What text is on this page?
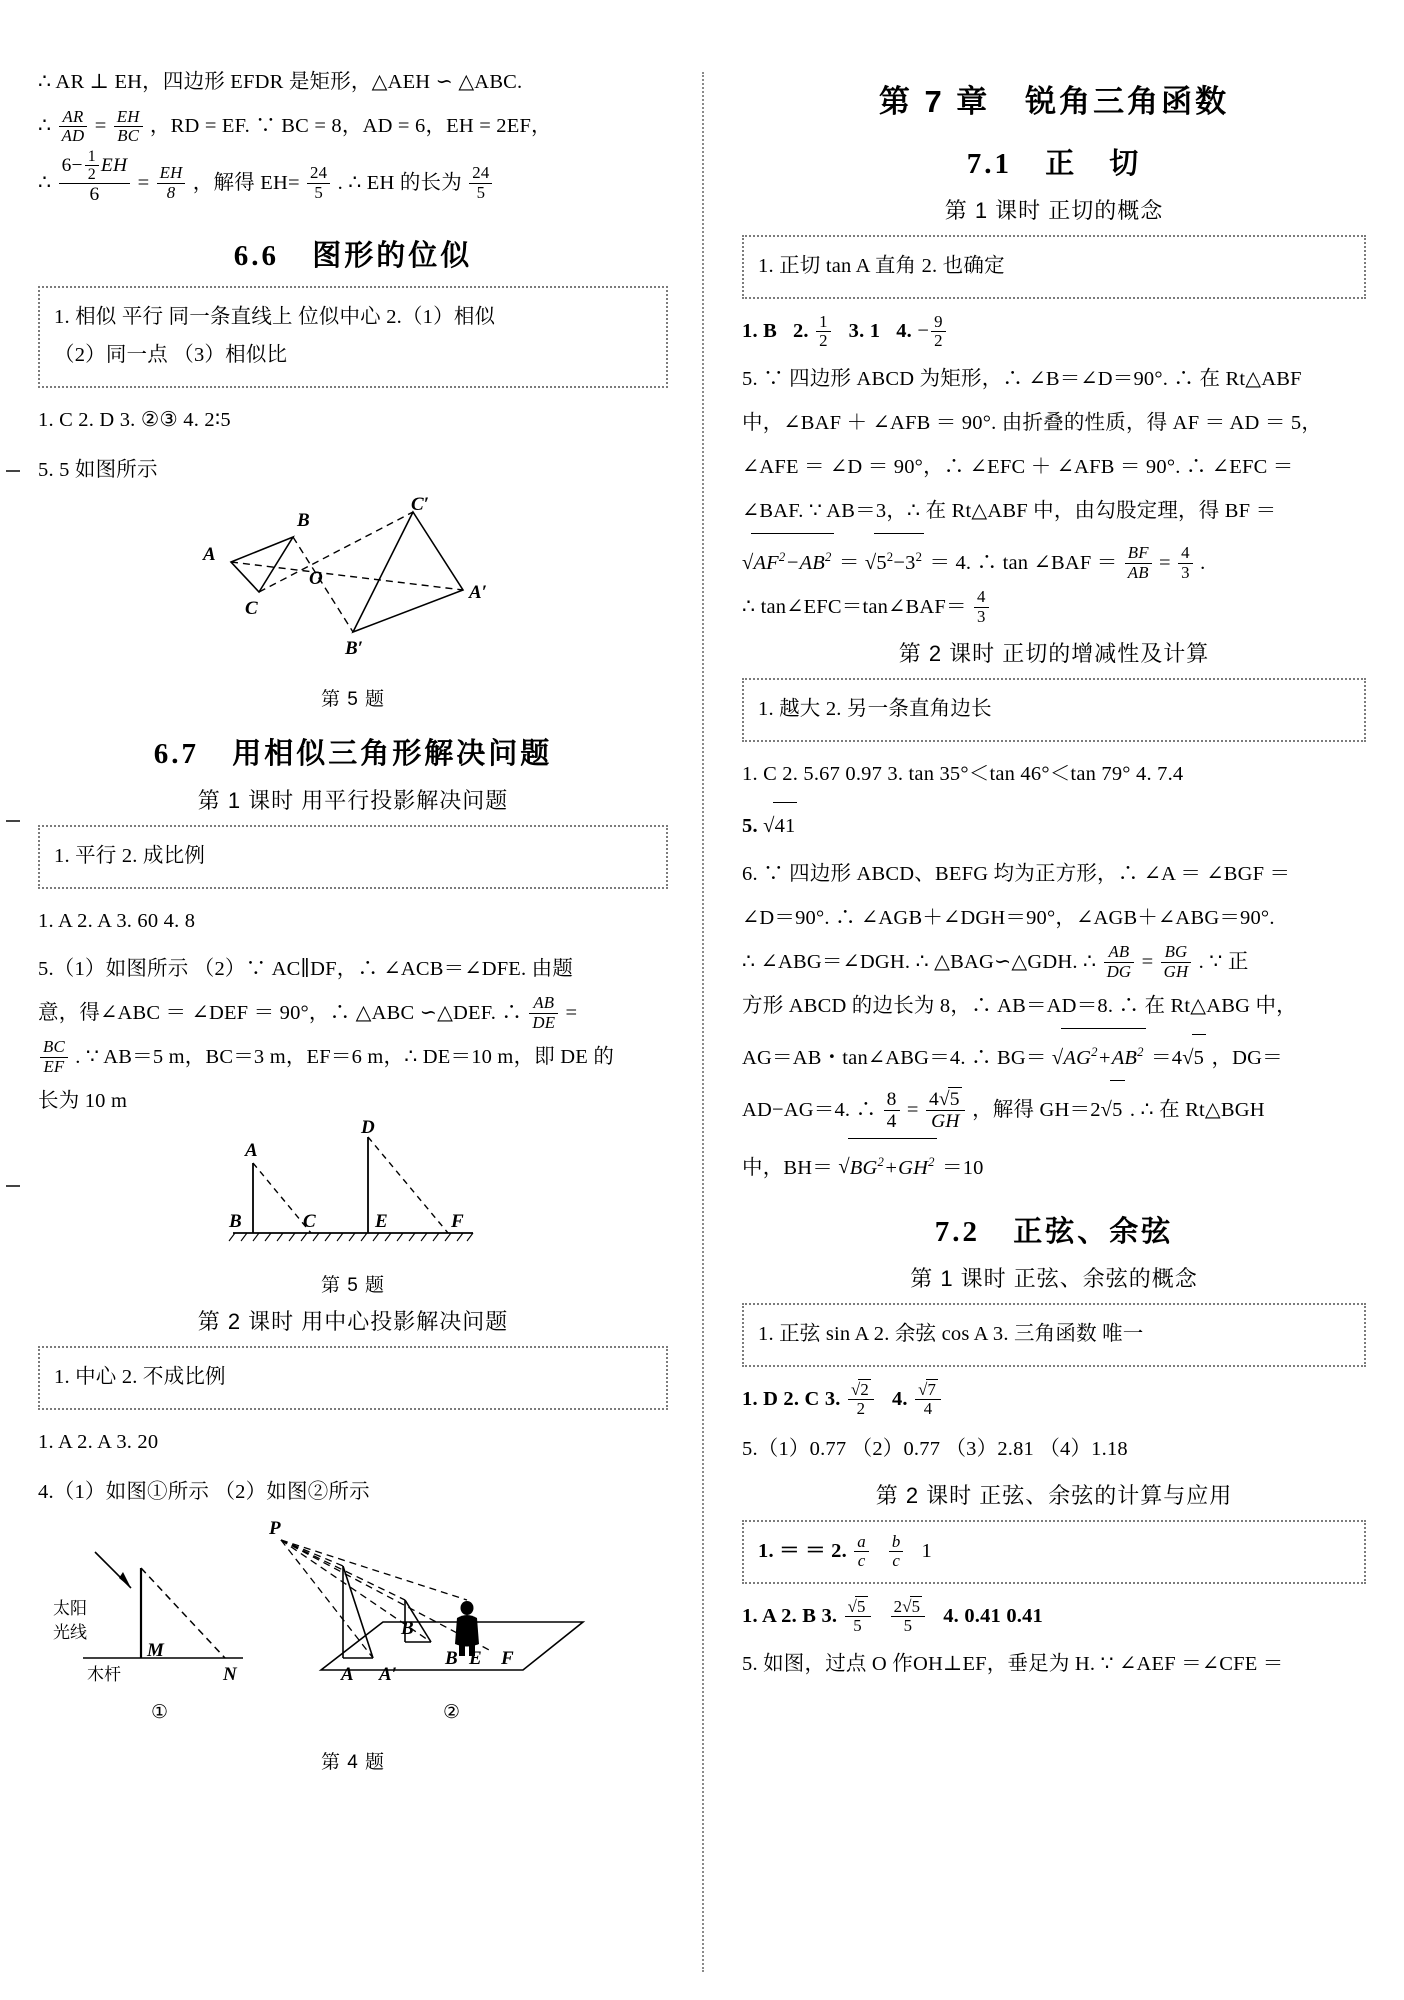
∴ AR ⊥ EH，四边形 EFDR 是矩形，△AEH ∽ △ABC.
∴ $\frac{AR}{AD} = \frac{EH}{BC}$ ，RD = EF. ∵ BC = 8，AD = 6，EH = 2EF，
∴ $\frac{6- \frac{1}{2} EH}{6} = \frac{EH}{8}$ ，解得 $EH= \frac{24}{5}$ . ∴ EH 的长为 $\frac{24}{5}$
6.6 图形的位似
1. 相似 平行 同一条直线上 位似中心 2.（1）相似
（2）同一点 （3）相似比
1. C 2. D 3. ②③ 4. 2∶5
5. 5 如图所示
A
B
C
O
A′
B′
C′
第 5 题
6.7 用相似三角形解决问题
第 1 课时 用平行投影解决问题
1. 平行 2. 成比例
1. A 2. A 3. 60 4. 8
5.（1）如图所示 （2）∵ AC∥DF，∴ ∠ACB＝∠DFE. 由题
意，得∠ABC ＝ ∠DEF ＝ 90°，∴ △ABC ∽△DEF. ∴ $\frac{AB}{DE}$ =
$\frac{BC}{EF}$ . ∵ AB＝5 m，BC＝3 m，EF＝6 m，∴ DE＝10 m，即 DE 的
长为 10 m
A
B	C
D
E	F
第 5 题
第 2 课时 用中心投影解决问题
1. 中心 2. 不成比例
1. A 2. A 3. 20
4.（1）如图①所示 （2）如图②所示
太阳
光线
木杆
M
N
①
P
A A′
B
B′ E F
②
第 4 题
第 7 章 锐角三角函数
7.1 正　切
第 1 课时 正切的概念
1. 正切 tan A 直角 2. 也确定
1. B 2. $\frac{1}{2} 3$. 1 4. − $\frac{9}{2}$
5. ∵ 四边形 ABCD 为矩形，∴ ∠B＝∠D＝90°. ∴ 在 Rt△ABF
中，∠BAF ＋ ∠AFB ＝ 90°. 由折叠的性质，得 AF ＝ AD ＝ 5，
∠AFE ＝ ∠D ＝ 90°，∴ ∠EFC ＋ ∠AFB ＝ 90°. ∴ ∠EFC ＝
∠BAF. ∵ AB＝3，∴ 在 Rt△ABF 中，由勾股定理，得 BF ＝
$√AF^2-AB^2 = √5^2-3^2 = 4$. ∴ tan ∠BAF ＝ $\frac{BF}{AB} = \frac{4}{3}$ .
∴ tan∠EFC＝tan∠BAF＝ $\frac{4}{3}$
第 2 课时 正切的增减性及计算
1. 越大 2. 另一条直角边长
1. C 2. 5.67 0.97 3. tan 35°＜tan 46°＜tan 79° 4. 7.4
5. √41
6. ∵ 四边形 ABCD、BEFG 均为正方形，∴ ∠A ＝ ∠BGF ＝
∠D＝90°. ∴ ∠AGB＋∠DGH＝90°，∠AGB＋∠ABG＝90°.
∴ ∠ABG＝∠DGH. ∴ △BAG∽△GDH. ∴ $\frac{AB}{DG} = \frac{BG}{GH}$ . ∵ 正
方形 ABCD 的边长为 8，∴ AB＝AD＝8. ∴ 在 Rt△ABG 中，
AG＝AB・tan∠ABG＝4. ∴ $BG= √AG^2+AB^2 =4√5$ ，DG＝
AD−AG＝4. ∴ $\frac{8}{4} = \frac{4√5}{GH}$ ，解得 GH＝2√5 . ∴ 在 Rt△BGH
中，$BH= √BG^2+GH^2 =10$
7.2 正弦、余弦
第 1 课时 正弦、余弦的概念
1. 正弦 sin A 2. 余弦 cos A 3. 三角函数 唯一
1. D 2. C 3. $\frac{√2}{2} 4$. $\frac{√7}{4}$
5.（1）0.77 （2）0.77 （3）2.81 （4）1.18
第 2 课时 正弦、余弦的计算与应用
1. ＝ ＝ 2. $\frac{a}{c}$
$\frac{b}{c} 1$
1. A 2. B 3. $\frac{√5}{5}$
$\frac{2√5}{5} 4$. 0.41 0.41
5. 如图，过点 O 作OH⊥EF，垂足为 H. ∵ ∠AEF ＝∠CFE ＝
